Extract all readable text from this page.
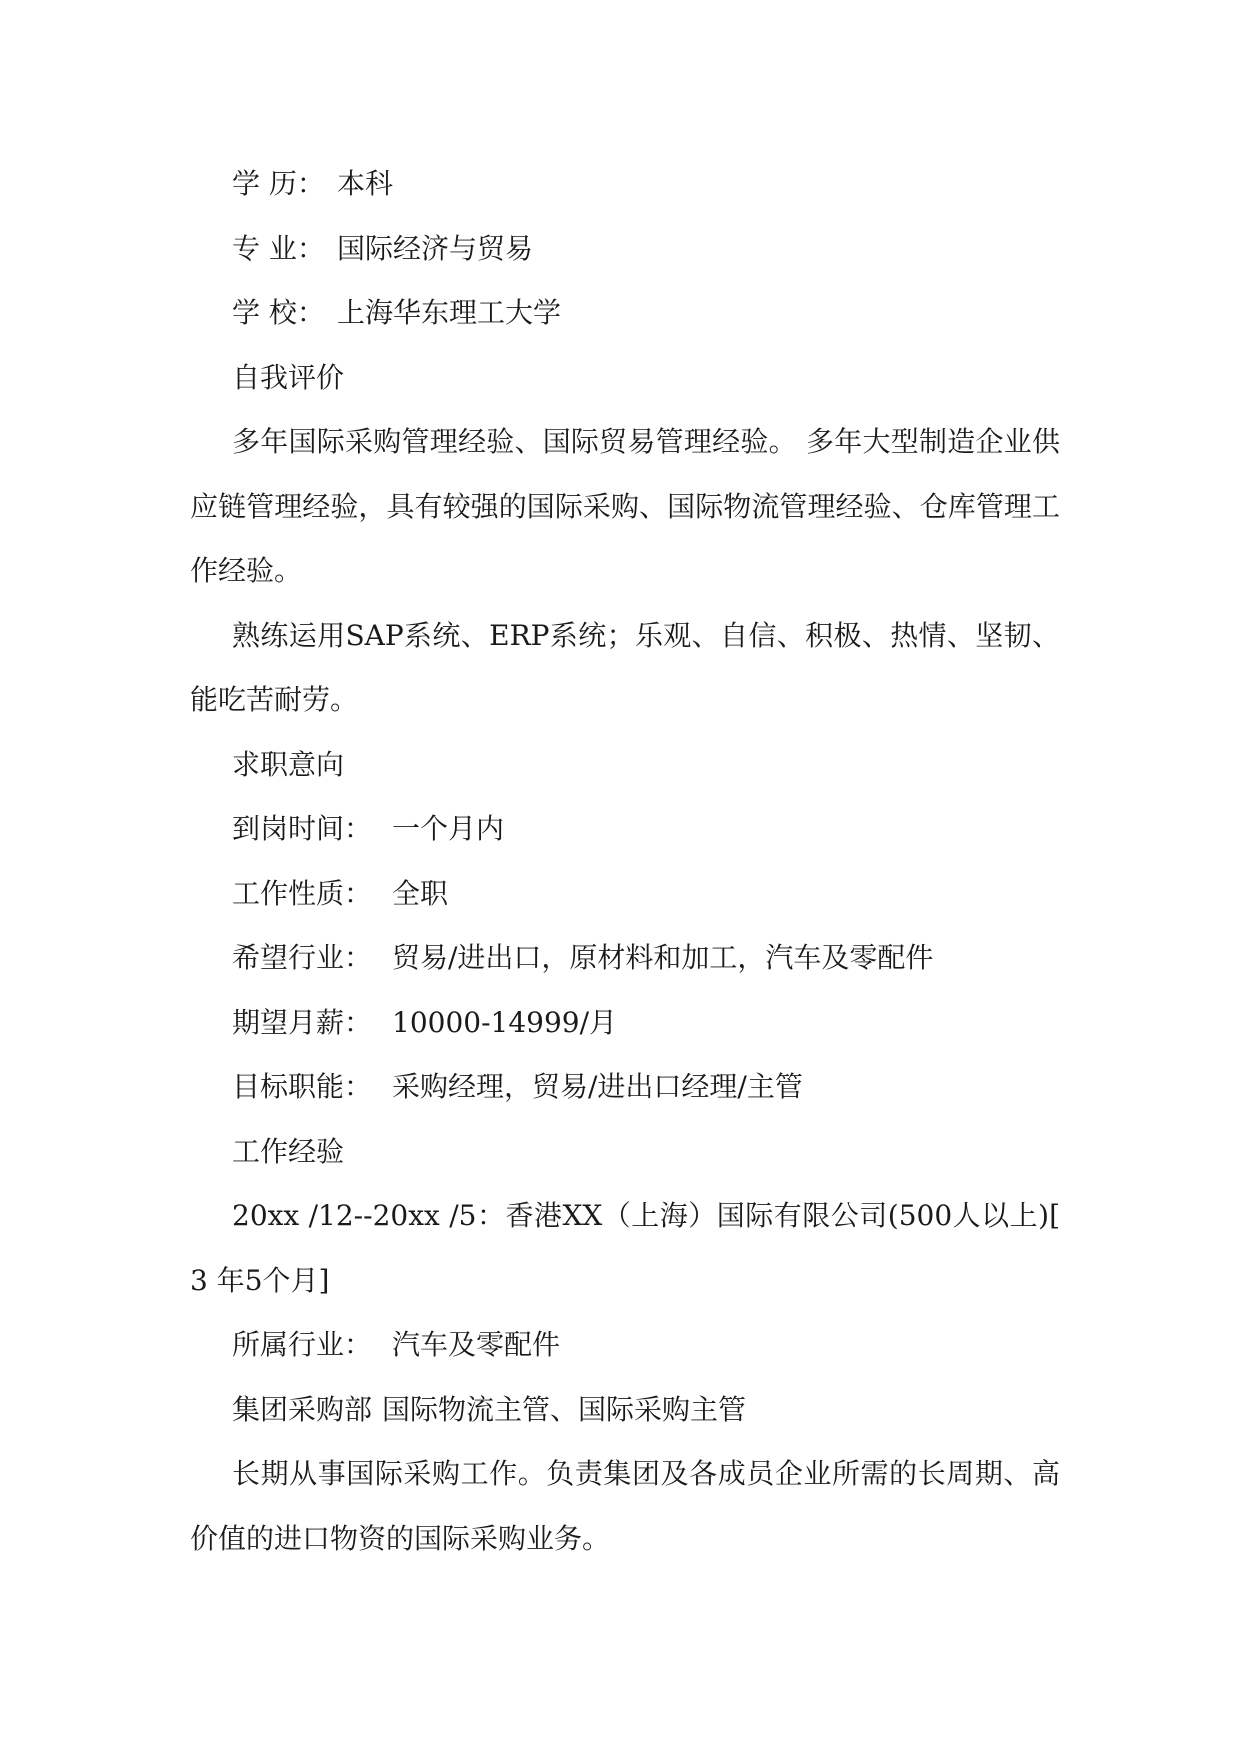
学 历： 本科
专 业： 国际经济与贸易
学 校： 上海华东理工大学
自我评价

多年国际采购管理经验、国际贸易管理经验。 多年大型制造企业供应链管理经验，具有较强的国际采购、国际物流管理经验、仓库管理工作经验。

熟练运用SAP系统、ERP系统；乐观、自信、积极、热情、坚韧、能吃苦耐劳。

求职意向
到岗时间： 一个月内
工作性质： 全职
希望行业： 贸易/进出口，原材料和加工，汽车及零配件
期望月薪： 10000-14999/月
目标职能： 采购经理，贸易/进出口经理/主管
工作经验

20xx /12--20xx /5：香港XX（上海）国际有限公司(500人以上)[ 3 年5个月]

所属行业： 汽车及零配件
集团采购部 国际物流主管、国际采购主管

长期从事国际采购工作。负责集团及各成员企业所需的长周期、高价值的进口物资的国际采购业务。
